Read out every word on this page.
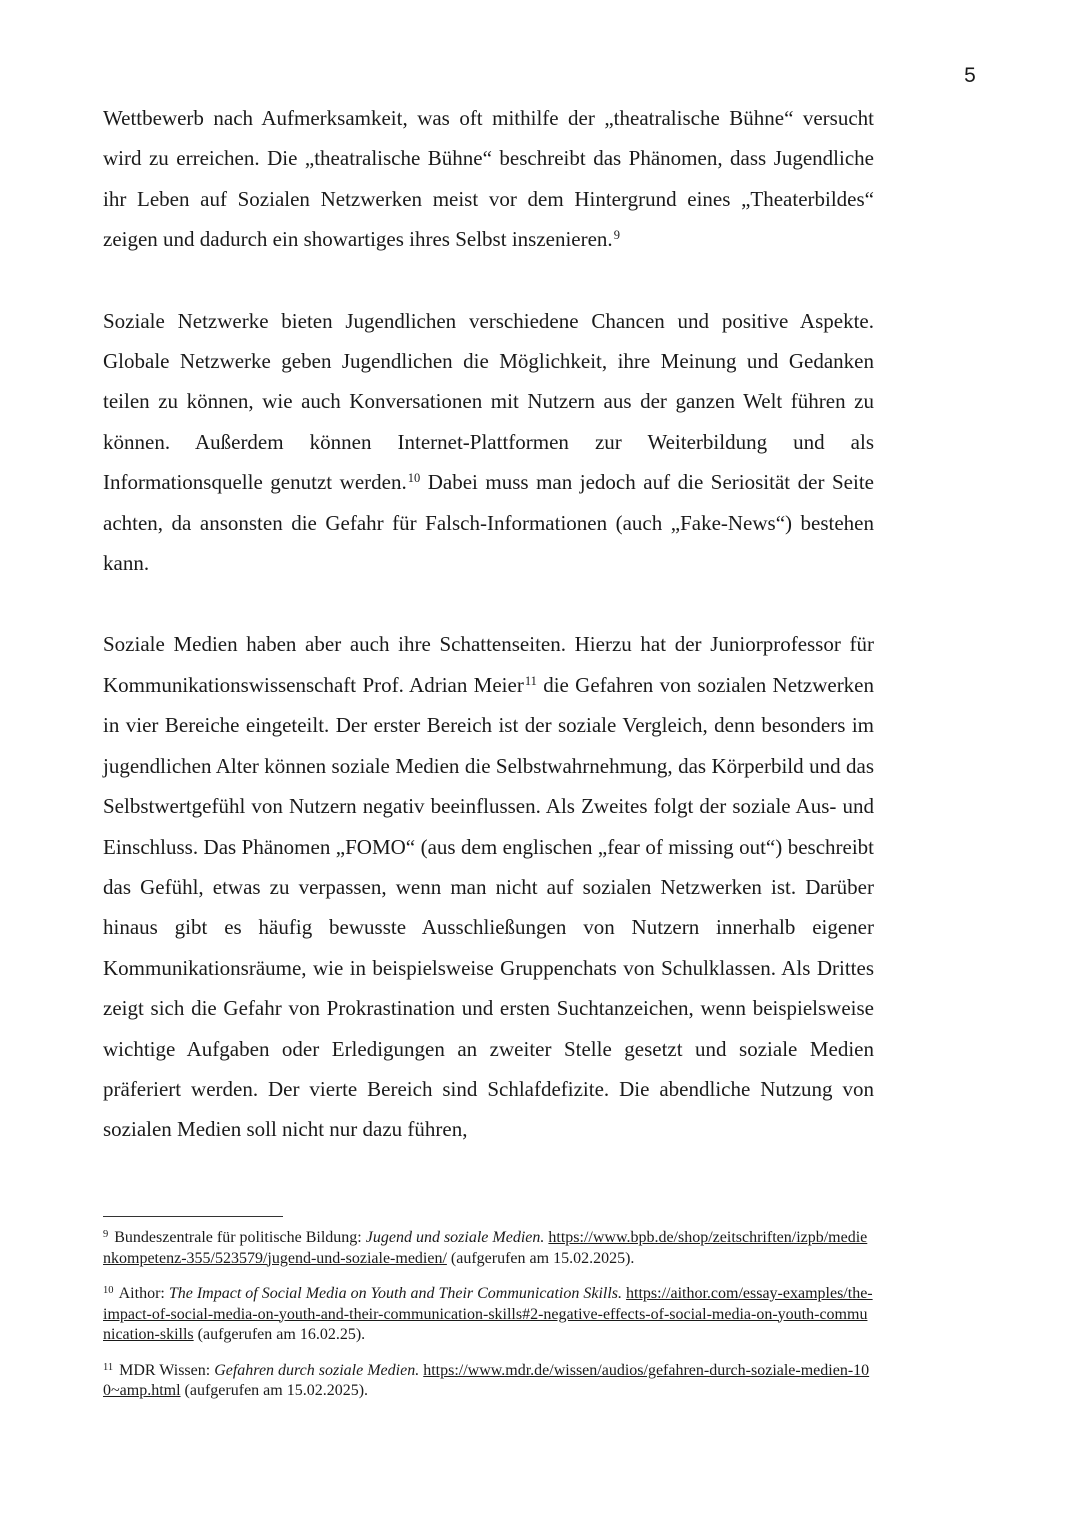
5

Wettbewerb nach Aufmerksamkeit, was oft mithilfe der „theatralische Bühne“ versucht wird zu erreichen. Die „theatralische Bühne“ beschreibt das Phänomen, dass Jugendliche ihr Leben auf Sozialen Netzwerken meist vor dem Hintergrund eines „Theaterbildes“ zeigen und dadurch ein showartiges ihres Selbst inszenieren.$^9$

Soziale Netzwerke bieten Jugendlichen verschiedene Chancen und positive Aspekte. Globale Netzwerke geben Jugendlichen die Möglichkeit, ihre Meinung und Gedanken teilen zu können, wie auch Konversationen mit Nutzern aus der ganzen Welt führen zu können. Außerdem können Internet-Plattformen zur Weiterbildung und als Informationsquelle genutzt werden.$^{10}$ Dabei muss man jedoch auf die Seriosität der Seite achten, da ansonsten die Gefahr für Falsch-Informationen (auch „Fake-News“) bestehen kann.

Soziale Medien haben aber auch ihre Schattenseiten. Hierzu hat der Juniorprofessor für Kommunikationswissenschaft Prof. Adrian Meier$^{11}$ die Gefahren von sozialen Netzwerken in vier Bereiche eingeteilt. Der erster Bereich ist der soziale Vergleich, denn besonders im jugendlichen Alter können soziale Medien die Selbstwahrnehmung, das Körperbild und das Selbstwertgefühl von Nutzern negativ beeinflussen. Als Zweites folgt der soziale Aus- und Einschluss. Das Phänomen „FOMO“ (aus dem englischen „fear of missing out“) beschreibt das Gefühl, etwas zu verpassen, wenn man nicht auf sozialen Netzwerken ist. Darüber hinaus gibt es häufig bewusste Ausschließungen von Nutzern innerhalb eigener Kommunikationsräume, wie in beispielsweise Gruppenchats von Schulklassen. Als Drittes zeigt sich die Gefahr von Prokrastination und ersten Suchtanzeichen, wenn beispielsweise wichtige Aufgaben oder Erledigungen an zweiter Stelle gesetzt und soziale Medien präferiert werden. Der vierte Bereich sind Schlafdefizite. Die abendliche Nutzung von sozialen Medien soll nicht nur dazu führen,

$^9$ Bundeszentrale für politische Bildung: Jugend und soziale Medien. https://www.bpb.de/shop/zeitschriften/izpb/medienkompetenz-355/523579/jugend-und-soziale-medien/ (aufgerufen am 15.02.2025).

$^{10}$ Aithor: The Impact of Social Media on Youth and Their Communication Skills. https://aithor.com/essay-examples/the-impact-of-social-media-on-youth-and-their-communication-skills#2-negative-effects-of-social-media-on-youth-communication-skills (aufgerufen am 16.02.25).

$^{11}$ MDR Wissen: Gefahren durch soziale Medien. https://www.mdr.de/wissen/audios/gefahren-durch-soziale-medien-100~amp.html (aufgerufen am 15.02.2025).
